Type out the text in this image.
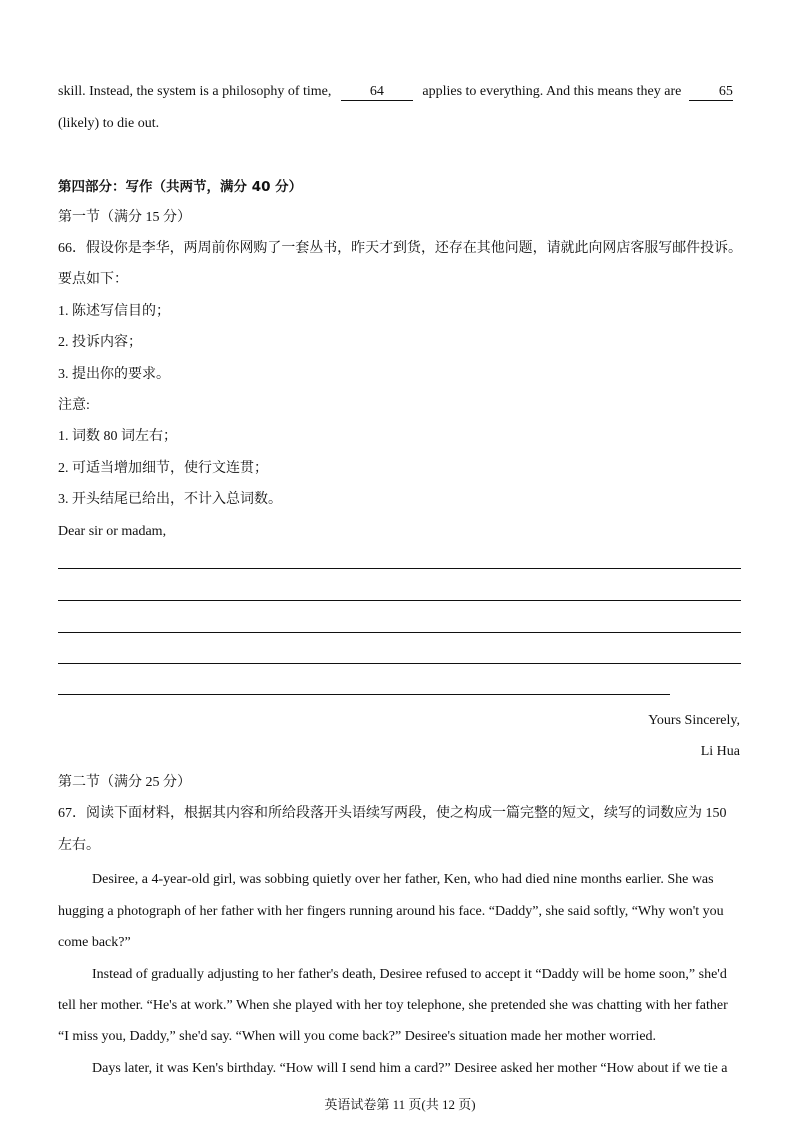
skill. Instead, the system is a philosophy of time,	64	applies to everything. And this means they are	65
(likely) to die out.
第四部分：写作（共两节，满分 40 分）
第一节（满分 15 分）
66．假设你是李华，两周前你网购了一套丛书，昨天才到货，还存在其他问题，请就此向网店客服写邮件投诉。
要点如下：
1. 陈述写信目的；
2. 投诉内容；
3. 提出你的要求。
注意:
1. 词数 80 词左右；
2. 可适当增加细节，使行文连贯；
3. 开头结尾已给出，不计入总词数。
Dear sir or madam,
Yours Sincerely,
Li Hua
第二节（满分 25 分）
67．阅读下面材料，根据其内容和所给段落开头语续写两段，使之构成一篇完整的短文，续写的词数应为 150
左右。
Desiree, a 4-year-old girl, was sobbing quietly over her father, Ken, who had died nine months earlier. She was
hugging a photograph of her father with her fingers running around his face. “Daddy”, she said softly, “Why won't you
come back?”
Instead of gradually adjusting to her father's death, Desiree refused to accept it “Daddy will be home soon,” she'd
tell her mother. “He's at work.” When she played with her toy telephone, she pretended she was chatting with her father
“I miss you, Daddy,” she'd say. “When will you come back?” Desiree's situation made her mother worried.
Days later, it was Ken's birthday. “How will I send him a card?” Desiree asked her mother “How about if we tie a
英语试卷第 11 页(共 12 页)
